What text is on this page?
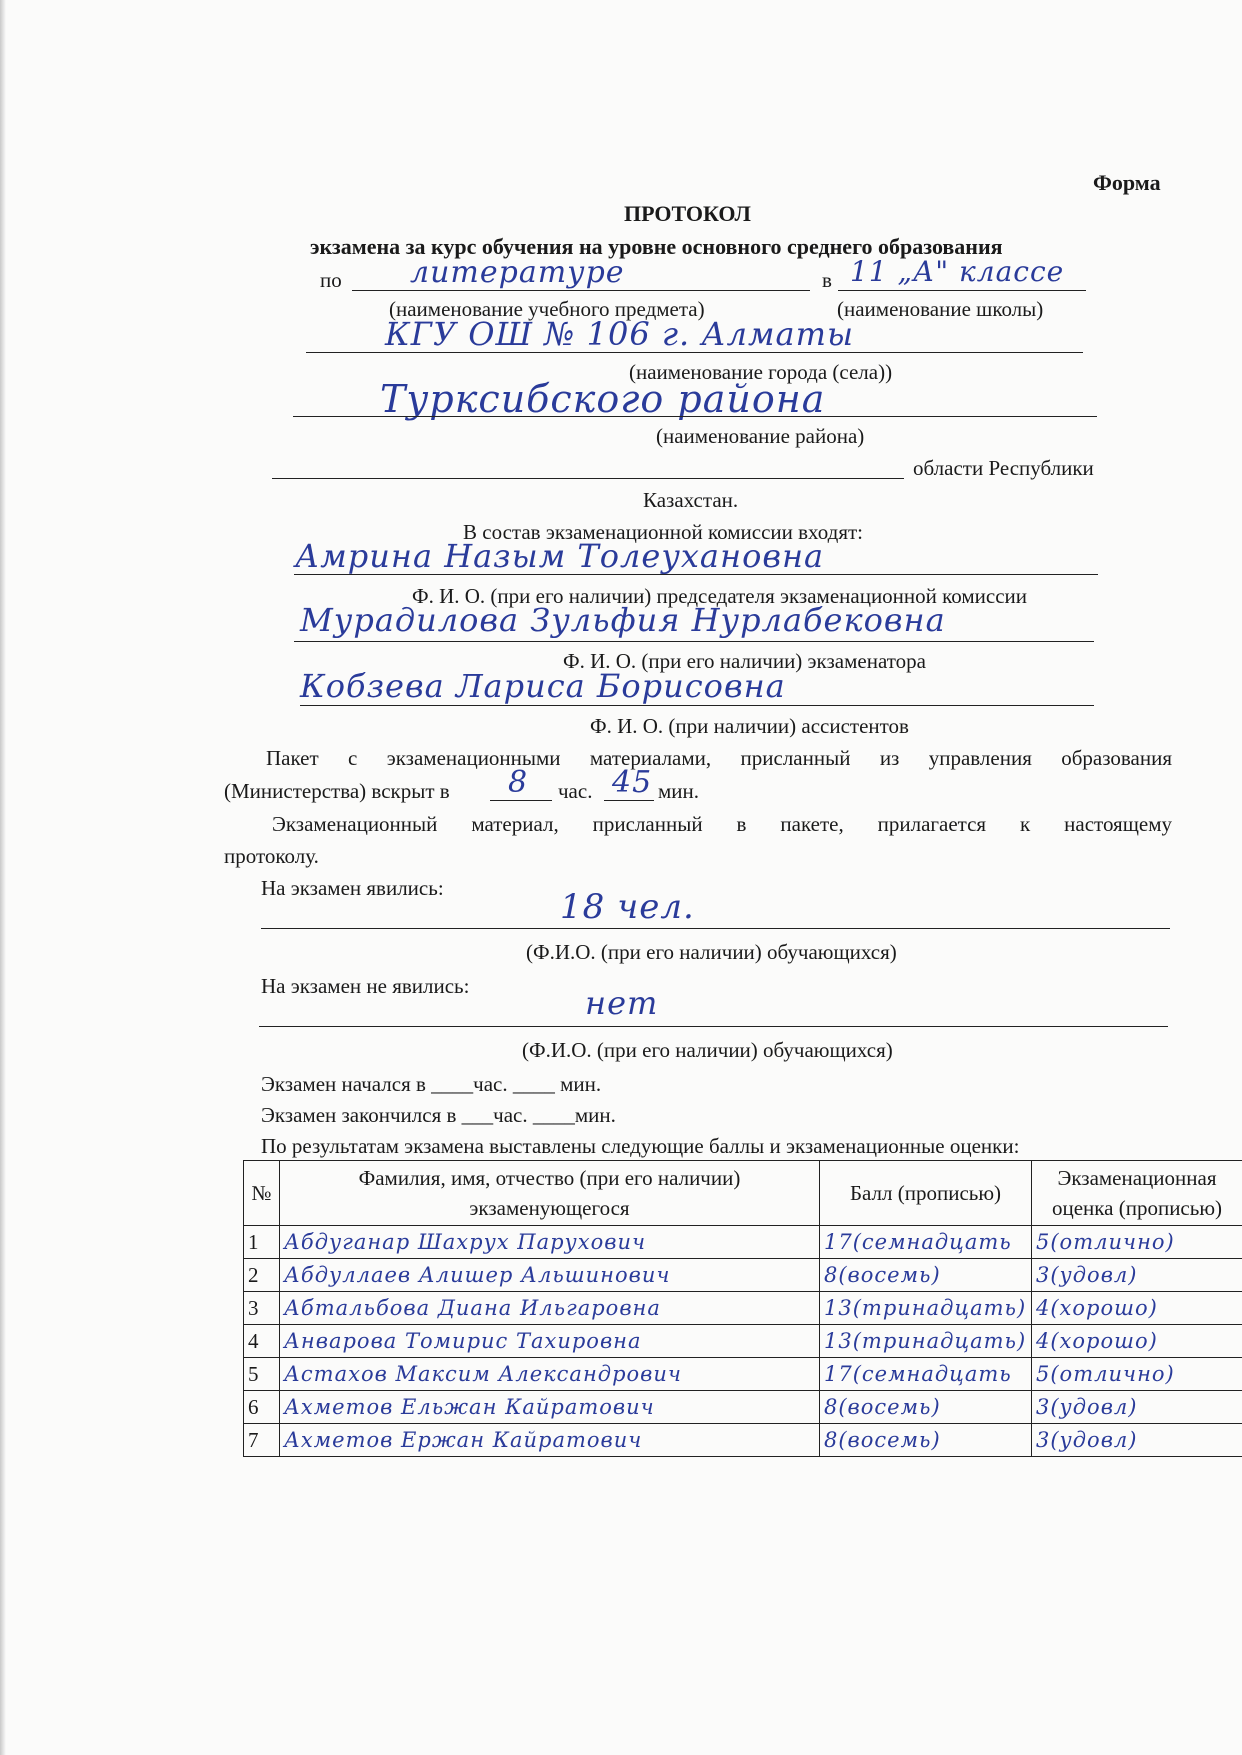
Форма
ПРОТОКОЛ
экзамена за курс обучения на уровне основного среднего образования
по литературе	в 11 „А" классе
(наименование учебного предмета)	(наименование школы)
КГУ ОШ № 106 г. Алматы
(наименование города (села))
Турксибского района
(наименование района)
области Республики
Казахстан.
В состав экзаменационной комиссии входят:
Амрина Назым Толеухановна
Ф. И. О. (при его наличии) председателя экзаменационной комиссии
Мурадилова Зульфия Нурлабековна
Ф. И. О. (при его наличии) экзаменатора
Кобзева Лариса Борисовна
Ф. И. О. (при наличии) ассистентов
Пакет с экзаменационными материалами, присланный из управления образования
(Министерства) вскрыт в 8 час. 45 мин.
Экзаменационный материал, присланный в пакете, прилагается к настоящему
протоколу.
На экзамен явились:	18 чел.
(Ф.И.О. (при его наличии) обучающихся)
На экзамен не явились:	нет
(Ф.И.О. (при его наличии) обучающихся)
Экзамен начался в ____час. ____ мин.
Экзамен закончился в ___час. ____мин.
По результатам экзамена выставлены следующие баллы и экзаменационные оценки:
№	Фамилия, имя, отчество (при его наличии) экзаменующегося	Балл (прописью)	Экзаменационная оценка (прописью)
1	Абдуганар Шахрух Парухович	17(семнадцать	5(отлично)
2	Абдуллаев Алишер Альшинович	8(восемь)	3(удовл)
3	Абтальбова Диана Ильгаровна	13(тринадцать)	4(хорошо)
4	Анварова Томирис Тахировна	13(тринадцать)	4(хорошо)
5	Астахов Максим Александрович	17(семнадцать	5(отлично)
6	Ахметов Ельжан Кайратович	8(восемь)	3(удовл)
7	Ахметов Ержан Кайратович	8(восемь)	3(удовл)
